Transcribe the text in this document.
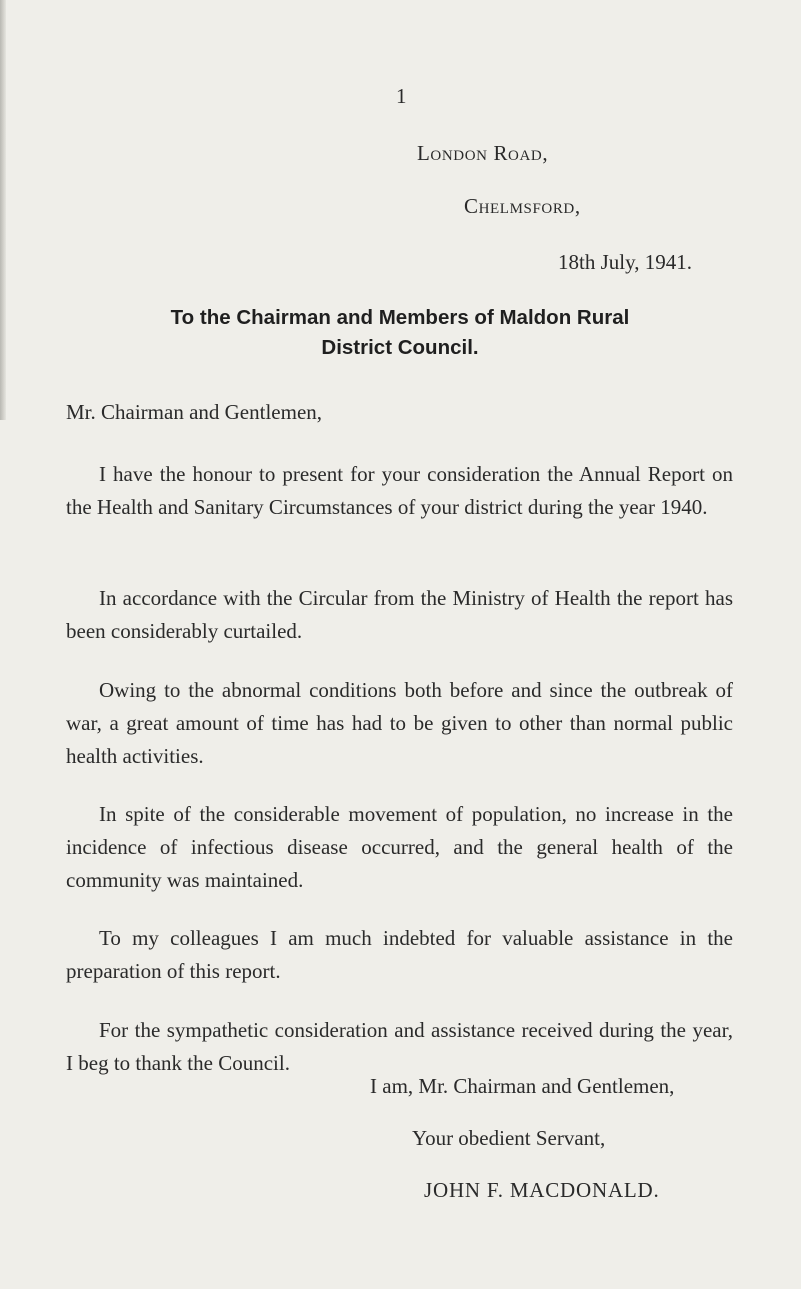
1
London Road,
Chelmsford,
18th July, 1941.
To the Chairman and Members of Maldon Rural
District Council.
Mr. Chairman and Gentlemen,

I have the honour to present for your consideration the Annual Report on the Health and Sanitary Circumstances of your district during the year 1940.

In accordance with the Circular from the Ministry of Health the report has been considerably curtailed.

Owing to the abnormal conditions both before and since the outbreak of war, a great amount of time has had to be given to other than normal public health activities.

In spite of the considerable movement of population, no increase in the incidence of infectious disease occurred, and the general health of the community was maintained.

To my colleagues I am much indebted for valuable assistance in the preparation of this report.

For the sympathetic consideration and assistance received during the year, I beg to thank the Council.

I am, Mr. Chairman and Gentlemen,
Your obedient Servant,
JOHN F. MACDONALD.
